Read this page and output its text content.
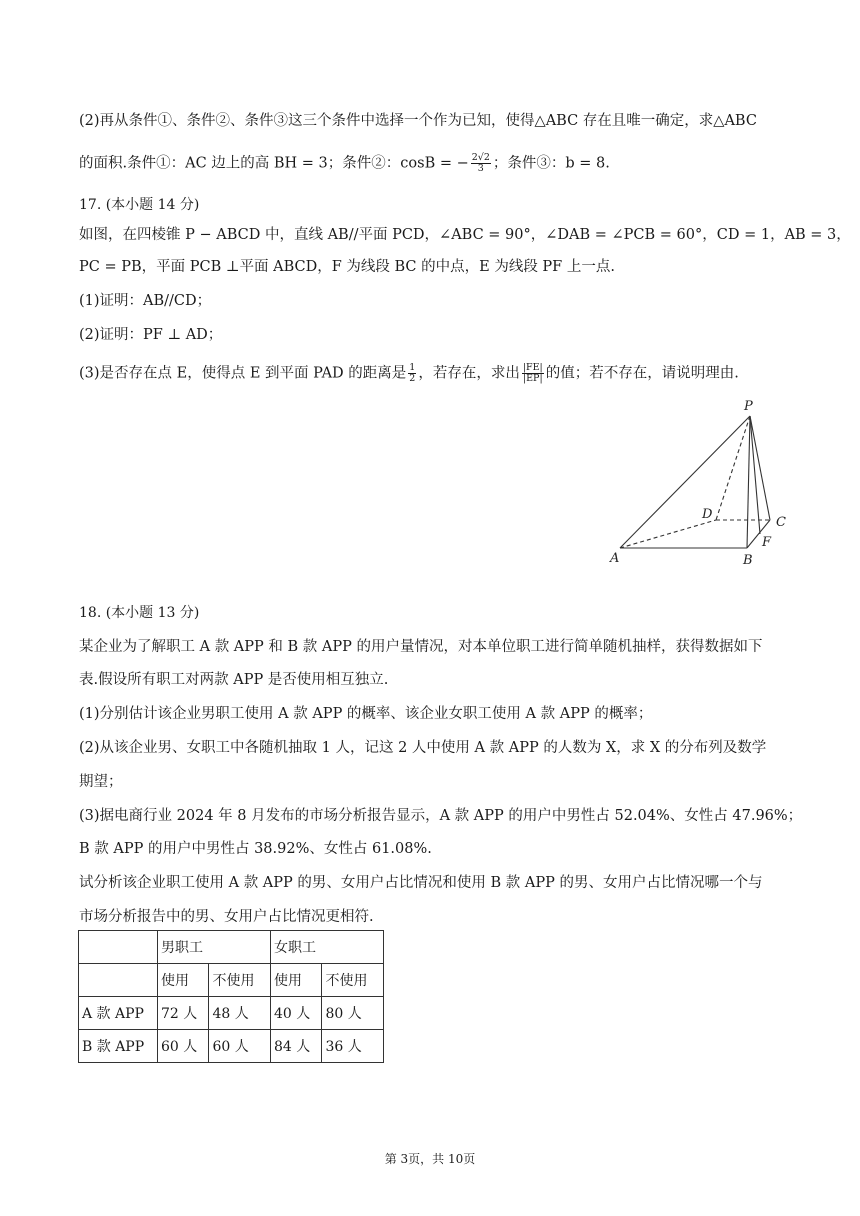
(2)再从条件①、条件②、条件③这三个条件中选择一个作为已知，使得△ABC 存在且唯一确定，求△ABC
的面积.条件①：AC 边上的高 BH = 3；条件②：cosB = − $\frac{2√2}{3}$ ；条件③：b = 8.
17. (本小题 14 分)
如图，在四棱锥 P − ABCD 中，直线 AB//平面 PCD，∠ABC = 90°，∠DAB = ∠PCB = 60°，CD = 1，AB = 3，
PC = PB，平面 PCB ⊥平面 ABCD，F 为线段 BC 的中点，E 为线段 PF 上一点.
(1)证明：AB//CD；
(2)证明：PF ⊥ AD；
(3)是否存在点 E，使得点 E 到平面 PAD 的距离是 $\frac{1}{2}$ ，若存在，求出 $\frac{|FE|}{|EP|}$ 的值；若不存在，请说明理由.
P
D
C
F
A	B
18. (本小题 13 分)
某企业为了解职工 A 款 APP 和 B 款 APP 的用户量情况，对本单位职工进行简单随机抽样，获得数据如下
表.假设所有职工对两款 APP 是否使用相互独立.
(1)分别估计该企业男职工使用 A 款 APP 的概率、该企业女职工使用 A 款 APP 的概率；
(2)从该企业男、女职工中各随机抽取 1 人，记这 2 人中使用 A 款 APP 的人数为 X，求 X 的分布列及数学
期望；
(3)据电商行业 2024 年 8 月发布的市场分析报告显示，A 款 APP 的用户中男性占 52.04%、女性占 47.96%；
B 款 APP 的用户中男性占 38.92%、女性占 61.08%.
试分析该企业职工使用 A 款 APP 的男、女用户占比情况和使用 B 款 APP 的男、女用户占比情况哪一个与
市场分析报告中的男、女用户占比情况更相符.
	男职工		女职工	
	使用	不使用	使用	不使用
A 款 APP	72 人	48 人	40 人	80 人
B 款 APP	60 人	60 人	84 人	36 人
第 3页，共 10页
